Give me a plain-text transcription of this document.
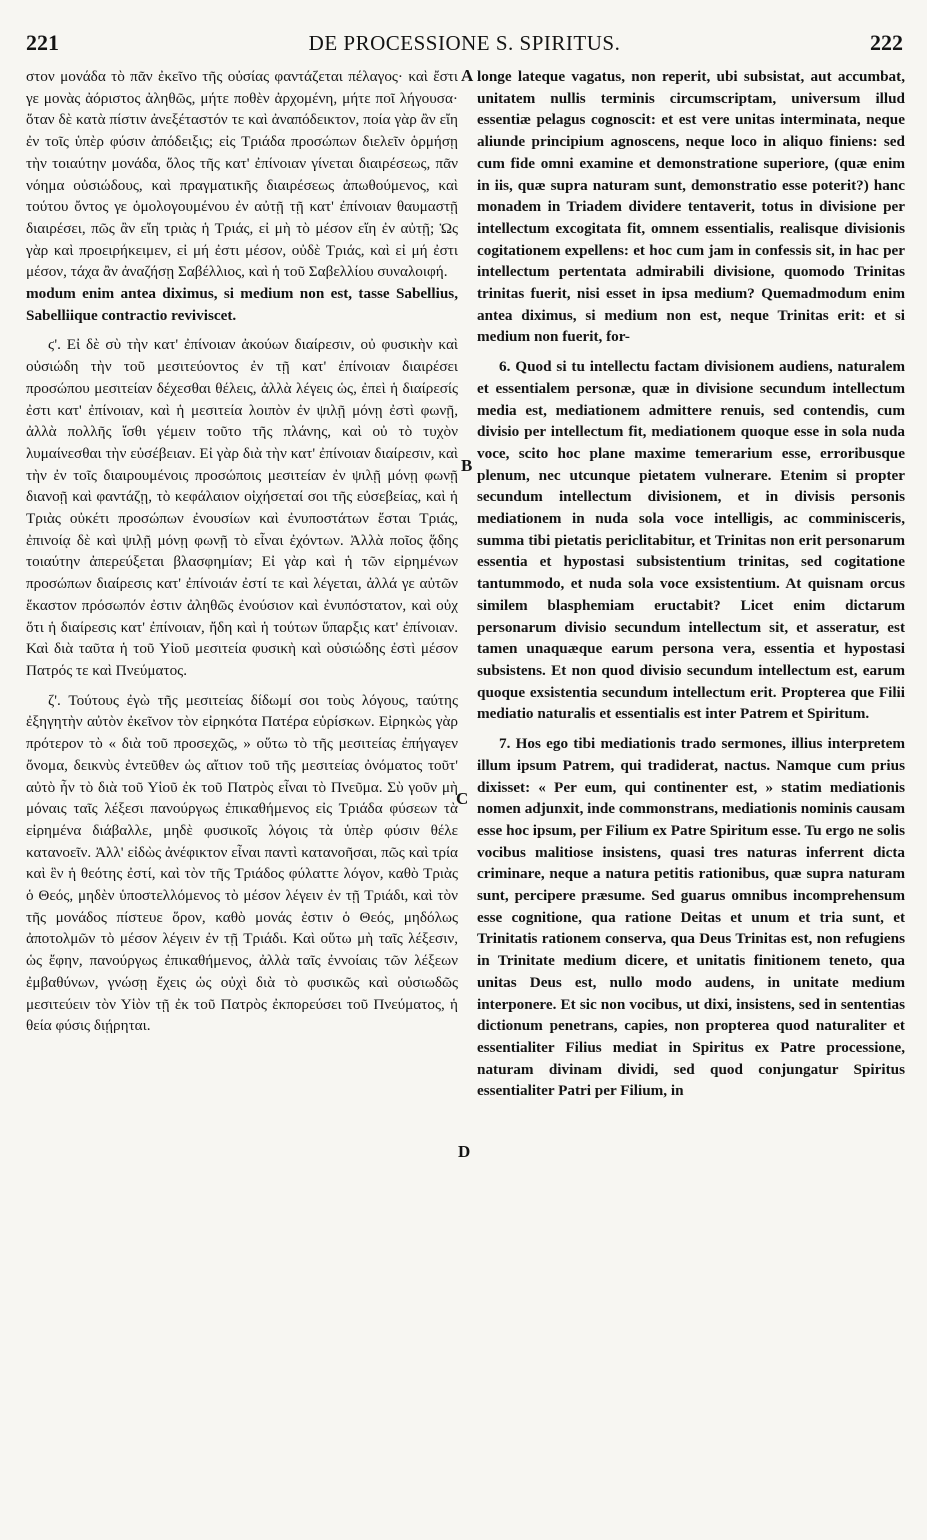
221	DE PROCESSIONE S. SPIRITUS.	222

στον μονάδα τὸ πᾶν ἐκεῖνο τῆς οὐσίας φαντάζεται πέλαγος· καὶ ἔστι γε μονὰς ἀόριστος ἀληθῶς, μήτε ποθὲν ἀρχομένη, μήτε ποῖ λήγουσα· ὅταν δὲ κατὰ πίστιν ἀνεξέταστόν τε καὶ ἀναπόδεικτον, ποία γὰρ ἂν εἴη ἐν τοῖς ὑπὲρ φύσιν ἀπόδειξις; εἰς Τριάδα προσώπων διελεῖν ὁρμήσῃ τὴν τοιαύτην μονάδα, ὅλος τῆς κατ' ἐπίνοιαν γίνεται διαιρέσεως, πᾶν νόημα οὐσιώδους, καὶ πραγματικῆς διαιρέσεως ἀπωθούμενος, καὶ τούτου ὄντος γε ὁμολογουμένου ἐν αὐτῇ τῇ κατ' ἐπίνοιαν θαυμαστῇ διαιρέσει, πῶς ἂν εἴη τριὰς ἡ Τριάς, εἰ μὴ τὸ μέσον εἴη ἐν αὐτῇ; Ὡς γὰρ καὶ προειρήκειμεν, εἰ μή ἐστι μέσον, οὐδὲ Τριάς, καὶ εἰ μή ἐστι μέσον, τάχα ἂν ἀναζήσῃ Σαβέλλιος, καὶ ἡ τοῦ Σαβελλίου συναλοιφή.

modum enim antea diximus, si medium non est, tasse Sabellius, Sabelliique contractio reviviscet.

ϛ'. Εἰ δὲ σὺ τὴν κατ' ἐπίνοιαν ἀκούων διαίρεσιν, οὐ φυσικὴν καὶ οὐσιώδη τὴν τοῦ μεσιτεύοντος ἐν τῇ κατ' ἐπίνοιαν διαιρέσει προσώπου μεσιτείαν δέχεσθαι θέλεις, ἀλλὰ λέγεις ὡς, ἐπεὶ ἡ διαίρεσίς ἐστι κατ' ἐπίνοιαν, καὶ ἡ μεσιτεία λοιπὸν ἐν ψιλῇ μόνῃ ἐστὶ φωνῇ, ἀλλὰ πολλῆς ἴσθι γέμειν τοῦτο τῆς πλάνης, καὶ οὐ τὸ τυχὸν λυμαίνεσθαι τὴν εὐσέβειαν. Εἰ γὰρ διὰ τὴν κατ' ἐπίνοιαν διαίρεσιν, καὶ τὴν ἐν τοῖς διαιρουμένοις προσώποις μεσιτείαν ἐν ψιλῇ μόνῃ φωνῇ διανοῇ καὶ φαντάζῃ, τὸ κεφάλαιον οἰχήσεταί σοι τῆς εὐσεβείας, καὶ ἡ Τριὰς οὐκέτι προσώπων ἐνουσίων καὶ ἐνυποστάτων ἔσται Τριάς, ἐπινοίᾳ δὲ καὶ ψιλῇ μόνῃ φωνῇ τὸ εἶναι ἐχόντων. Ἀλλὰ ποῖος ᾅδης τοιαύτην ἀπερεύξεται βλασφημίαν; Εἰ γὰρ καὶ ἡ τῶν εἰρημένων προσώπων διαίρεσις κατ' ἐπίνοιάν ἐστί τε καὶ λέγεται, ἀλλά γε αὐτῶν ἕκαστον πρόσωπόν ἐστιν ἀληθῶς ἐνούσιον καὶ ἐνυπόστατον, καὶ οὐχ ὅτι ἡ διαίρεσις κατ' ἐπίνοιαν, ἤδη καὶ ἡ τούτων ὕπαρξις κατ' ἐπίνοιαν. Καὶ διὰ ταῦτα ἡ τοῦ Υἱοῦ μεσιτεία φυσικὴ καὶ οὐσιώδης ἐστὶ μέσον Πατρός τε καὶ Πνεύματος.

ζ'. Τούτους ἐγὼ τῆς μεσιτείας δίδωμί σοι τοὺς λόγους, ταύτης ἐξηγητὴν αὐτὸν ἐκεῖνον τὸν εἰρηκότα Πατέρα εὑρίσκων. Εἰρηκὼς γὰρ πρότερον τὸ « διὰ τοῦ προσεχῶς, » οὕτω τὸ τῆς μεσιτείας ἐπήγαγεν ὄνομα, δεικνὺς ἐντεῦθεν ὡς αἴτιον τοῦ τῆς μεσιτείας ὀνόματος τοῦτ' αὐτὸ ἦν τὸ διὰ τοῦ Υἱοῦ ἐκ τοῦ Πατρὸς εἶναι τὸ Πνεῦμα. Σὺ γοῦν μὴ μόναις ταῖς λέξεσι πανούργως ἐπικαθήμενος εἰς Τριάδα φύσεων τὰ εἰρημένα διάβαλλε, μηδὲ φυσικοῖς λόγοις τὰ ὑπὲρ φύσιν θέλε κατανοεῖν. Ἀλλ' εἰδὼς ἀνέφικτον εἶναι παντὶ κατανοῆσαι, πῶς καὶ τρία καὶ ἓν ἡ θεότης ἐστί, καὶ τὸν τῆς Τριάδος φύλαττε λόγον, καθὸ Τριὰς ὁ Θεός, μηδὲν ὑποστελλόμενος τὸ μέσον λέγειν ἐν τῇ Τριάδι, καὶ τὸν τῆς μονάδος πίστευε ὅρον, καθὸ μονάς ἐστιν ὁ Θεός, μηδόλως ἀποτολμῶν τὸ μέσον λέγειν ἐν τῇ Τριάδι. Καὶ οὕτω μὴ ταῖς λέξεσιν, ὡς ἔφην, πανούργως ἐπικαθήμενος, ἀλλὰ ταῖς ἐννοίαις τῶν λέξεων ἐμβαθύνων, γνώσῃ ἔχεις ὡς οὐχὶ διὰ τὸ φυσικῶς καὶ οὐσιωδῶς μεσιτεύειν τὸν Υἱὸν τῇ ἐκ τοῦ Πατρὸς ἐκπορεύσει τοῦ Πνεύματος, ἡ θεία φύσις διῄρηται.

A
B
C
D

longe lateque vagatus, non reperit, ubi subsistat, aut accumbat, unitatem nullis terminis circumscriptam, universum illud essentiæ pelagus cognoscit: et est vere unitas interminata, neque aliunde principium agnoscens, neque loco in aliquo finiens: sed cum fide omni examine et demonstratione superiore, (quæ enim in iis, quæ supra naturam sunt, demonstratio esse poterit?) hanc monadem in Triadem dividere tentaverit, totus in divisione per intellectum excogitata fit, omnem essentialis, realisque divisionis cogitationem expellens: et hoc cum jam in confessis sit, in hac per intellectum pertentata admirabili divisione, quomodo Trinitas trinitas fuerit, nisi esset in ipsa medium? Quemadmodum enim antea diximus, si medium non est, neque Trinitas erit: et si medium non fuerit, for-

6. Quod si tu intellectu factam divisionem audiens, naturalem et essentialem personæ, quæ in divisione secundum intellectum media est, mediationem admittere renuis, sed contendis, cum divisio per intellectum fit, mediationem quoque esse in sola nuda voce, scito hoc plane maxime temerarium esse, erroribusque plenum, nec utcunque pietatem vulnerare. Etenim si propter secundum intellectum divisionem, et in divisis personis mediationem in nuda sola voce intelligis, ac comminisceris, summa tibi pietatis periclitabitur, et Trinitas non erit personarum essentia et hypostasi subsistentium trinitas, sed cogitatione tantummodo, et nuda sola voce exsistentium. At quisnam orcus similem blasphemiam eructabit? Licet enim dictarum personarum divisio secundum intellectum sit, et asseratur, est tamen unaquæque earum persona vera, essentia et hypostasi subsistens. Et non quod divisio secundum intellectum est, earum quoque exsistentia secundum intellectum erit. Propterea que Filii mediatio naturalis et essentialis est inter Patrem et Spiritum.

7. Hos ego tibi mediationis trado sermones, illius interpretem illum ipsum Patrem, qui tradiderat, nactus. Namque cum prius dixisset: « Per eum, qui continenter est, » statim mediationis nomen adjunxit, inde commonstrans, mediationis nominis causam esse hoc ipsum, per Filium ex Patre Spiritum esse. Tu ergo ne solis vocibus malitiose insistens, quasi tres naturas inferrent dicta criminare, neque a natura petitis rationibus, quæ supra naturam sunt, percipere præsume. Sed guarus omnibus incomprehensum esse cognitione, qua ratione Deitas et unum et tria sunt, et Trinitatis rationem conserva, qua Deus Trinitas est, non refugiens in Trinitate medium dicere, et unitatis finitionem teneto, qua unitas Deus est, nullo modo audens, in unitate medium interponere. Et sic non vocibus, ut dixi, insistens, sed in sententias dictionum penetrans, capies, non propterea quod naturaliter et essentialiter Filius mediat in Spiritus ex Patre processione, naturam divinam dividi, sed quod conjungatur Spiritus essentialiter Patri per Filium, in
